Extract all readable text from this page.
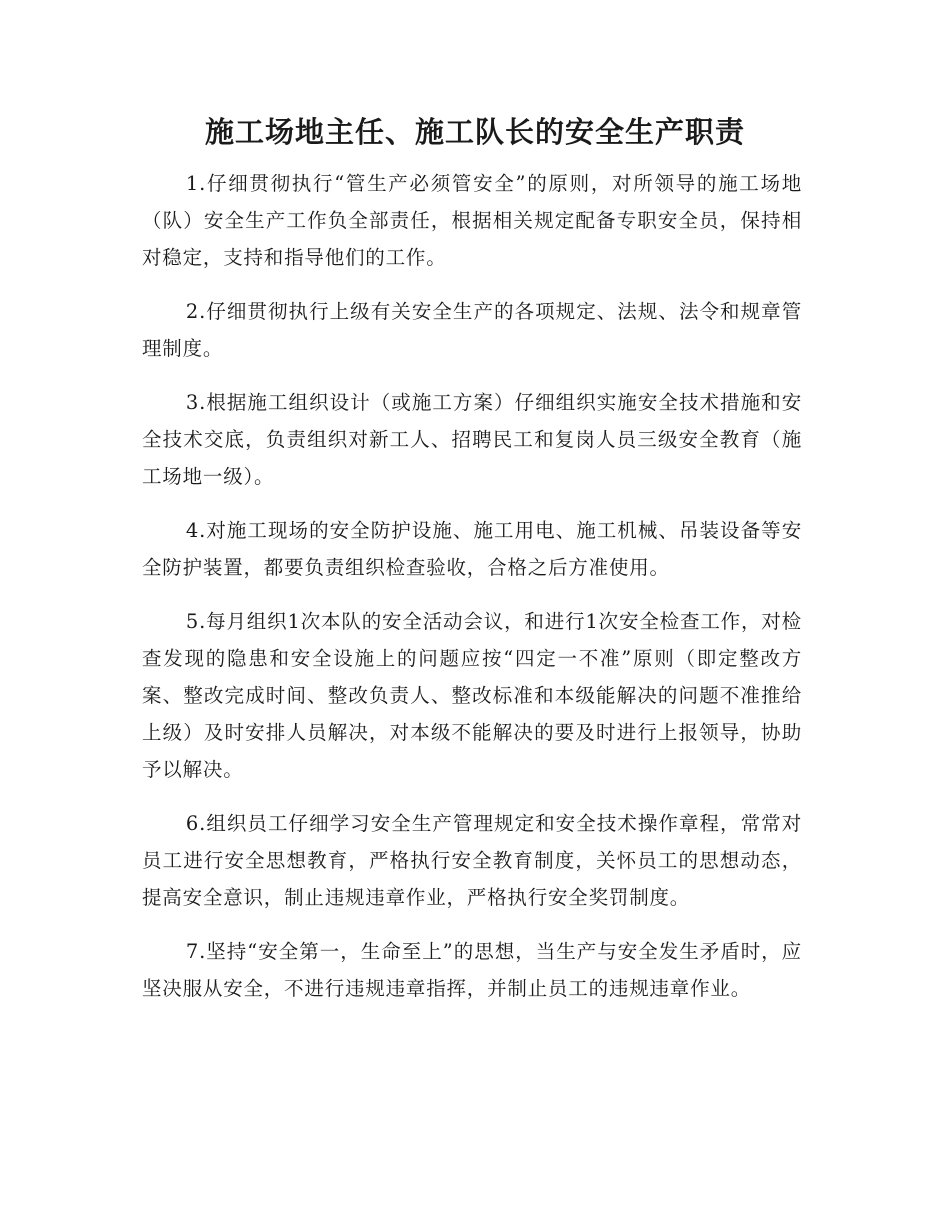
施工场地主任、施工队长的安全生产职责

1.仔细贯彻执行“管生产必须管安全”的原则，对所领导的施工场地（队）安全生产工作负全部责任，根据相关规定配备专职安全员，保持相对稳定，支持和指导他们的工作。

2.仔细贯彻执行上级有关安全生产的各项规定、法规、法令和规章管理制度。

3.根据施工组织设计（或施工方案）仔细组织实施安全技术措施和安全技术交底，负责组织对新工人、招聘民工和复岗人员三级安全教育（施工场地一级）。

4.对施工现场的安全防护设施、施工用电、施工机械、吊装设备等安全防护装置，都要负责组织检查验收，合格之后方准使用。

5.每月组织1次本队的安全活动会议，和进行1次安全检查工作，对检查发现的隐患和安全设施上的问题应按“四定一不准”原则（即定整改方案、整改完成时间、整改负责人、整改标准和本级能解决的问题不准推给上级）及时安排人员解决，对本级不能解决的要及时进行上报领导，协助予以解决。

6.组织员工仔细学习安全生产管理规定和安全技术操作章程，常常对员工进行安全思想教育，严格执行安全教育制度，关怀员工的思想动态，提高安全意识，制止违规违章作业，严格执行安全奖罚制度。

7.坚持“安全第一，生命至上”的思想，当生产与安全发生矛盾时，应坚决服从安全，不进行违规违章指挥，并制止员工的违规违章作业。
